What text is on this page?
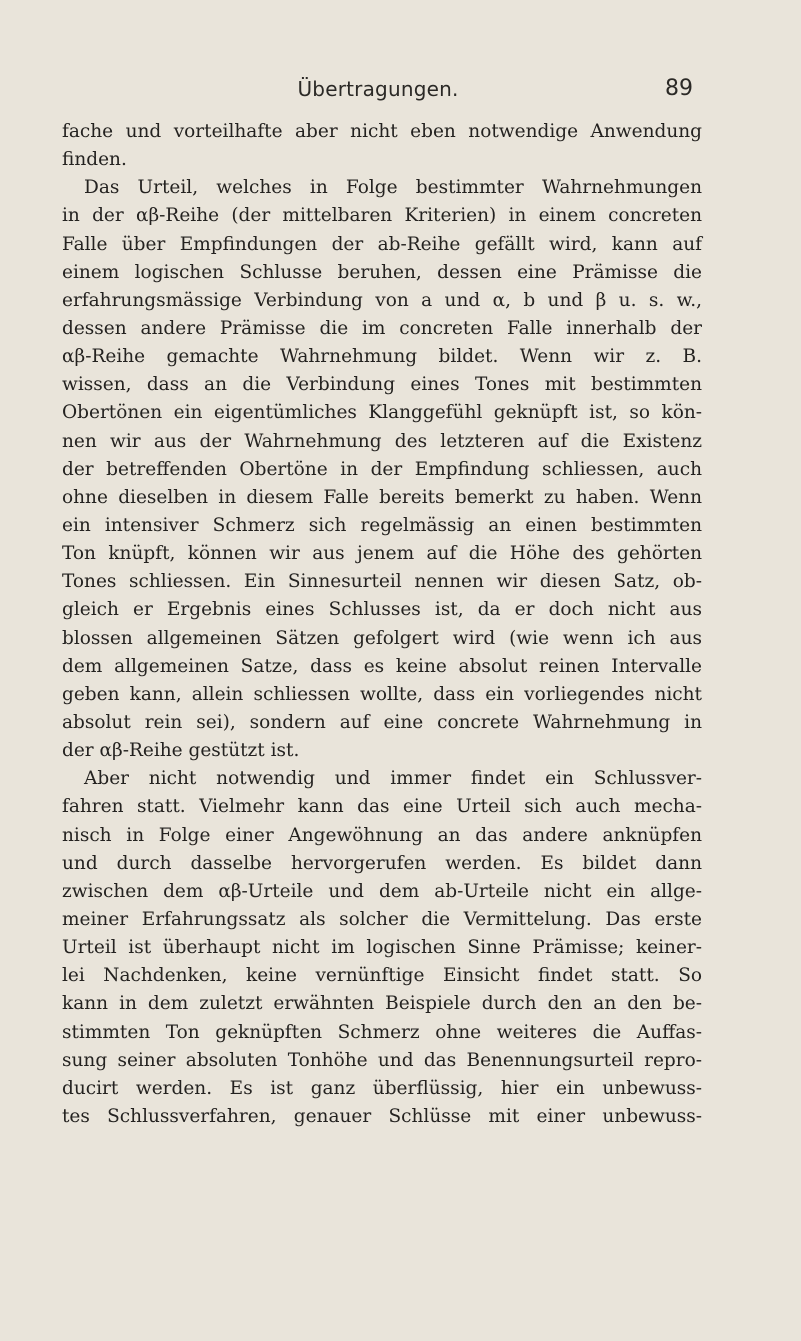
Übertragungen.	89
fache und vorteilhafte aber nicht eben notwendige Anwendung
finden.
Das Urteil, welches in Folge bestimmter Wahrnehmungen
in der αβ-Reihe (der mittelbaren Kriterien) in einem concreten
Falle über Empfindungen der ab-Reihe gefällt wird, kann auf
einem logischen Schlusse beruhen, dessen eine Prämisse die
erfahrungsmässige Verbindung von a und α, b und β u. s. w.,
dessen andere Prämisse die im concreten Falle innerhalb der
αβ-Reihe gemachte Wahrnehmung bildet. Wenn wir z. B.
wissen, dass an die Verbindung eines Tones mit bestimmten
Obertönen ein eigentümliches Klanggefühl geknüpft ist, so kön-
nen wir aus der Wahrnehmung des letzteren auf die Existenz
der betreffenden Obertöne in der Empfindung schliessen, auch
ohne dieselben in diesem Falle bereits bemerkt zu haben. Wenn
ein intensiver Schmerz sich regelmässig an einen bestimmten
Ton knüpft, können wir aus jenem auf die Höhe des gehörten
Tones schliessen. Ein Sinnesurteil nennen wir diesen Satz, ob-
gleich er Ergebnis eines Schlusses ist, da er doch nicht aus
blossen allgemeinen Sätzen gefolgert wird (wie wenn ich aus
dem allgemeinen Satze, dass es keine absolut reinen Intervalle
geben kann, allein schliessen wollte, dass ein vorliegendes nicht
absolut rein sei), sondern auf eine concrete Wahrnehmung in
der αβ-Reihe gestützt ist.
Aber nicht notwendig und immer findet ein Schlussver-
fahren statt. Vielmehr kann das eine Urteil sich auch mecha-
nisch in Folge einer Angewöhnung an das andere anknüpfen
und durch dasselbe hervorgerufen werden. Es bildet dann
zwischen dem αβ-Urteile und dem ab-Urteile nicht ein allge-
meiner Erfahrungssatz als solcher die Vermittelung. Das erste
Urteil ist überhaupt nicht im logischen Sinne Prämisse; keiner-
lei Nachdenken, keine vernünftige Einsicht findet statt. So
kann in dem zuletzt erwähnten Beispiele durch den an den be-
stimmten Ton geknüpften Schmerz ohne weiteres die Auffas-
sung seiner absoluten Tonhöhe und das Benennungsurteil repro-
ducirt werden. Es ist ganz überflüssig, hier ein unbewuss-
tes Schlussverfahren, genauer Schlüsse mit einer unbewuss-
